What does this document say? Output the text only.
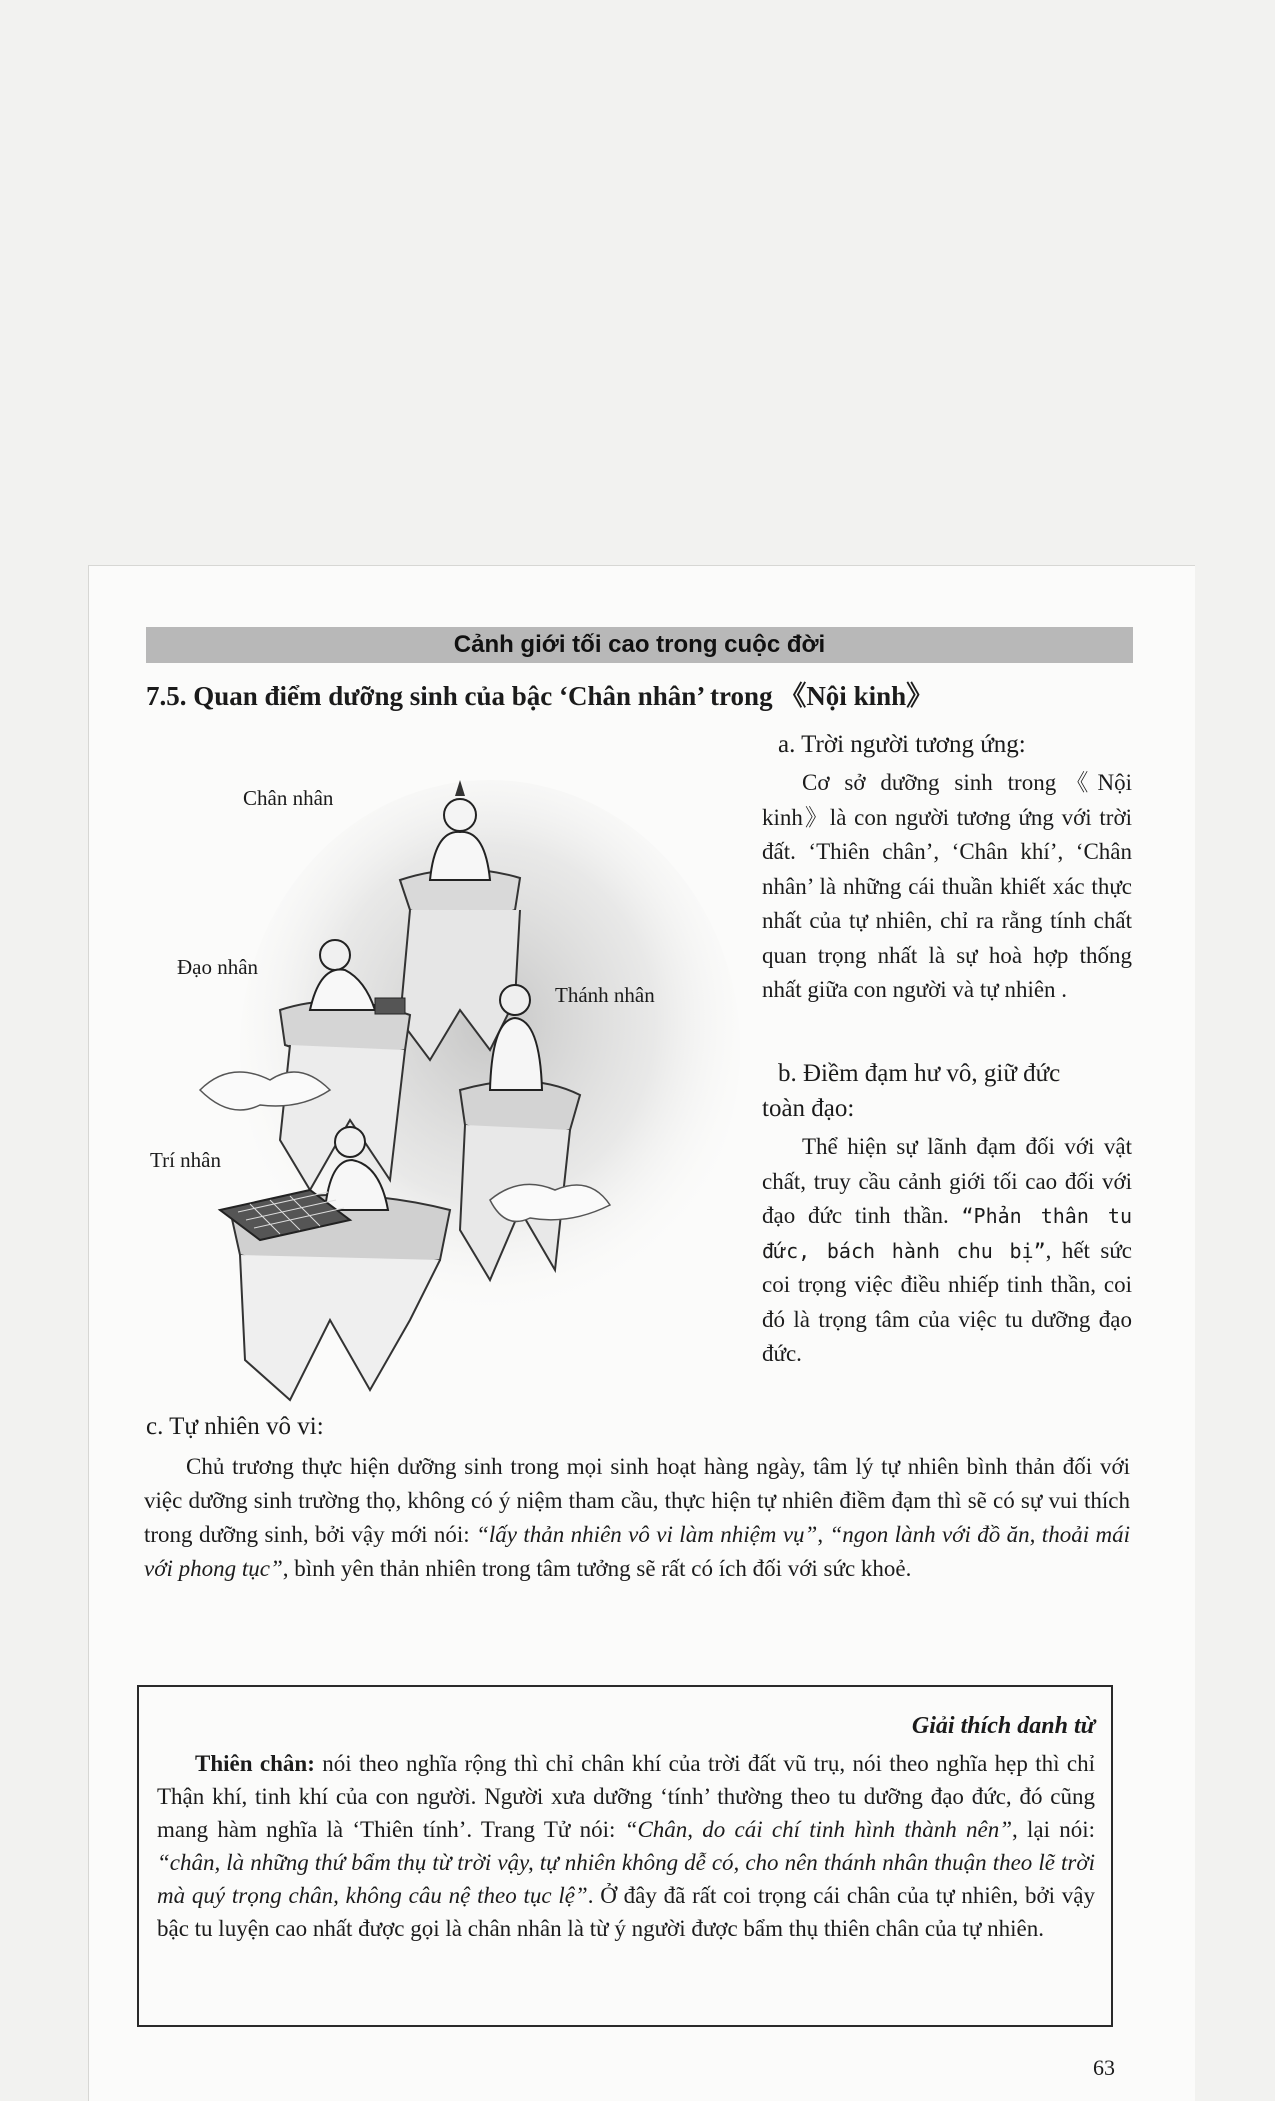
Cảnh giới tối cao trong cuộc đời
7.5. Quan điểm dưỡng sinh của bậc ‘Chân nhân’ trong 《Nội kinh》
Chân nhân
Đạo nhân
Thánh nhân
Trí nhân

a. Trời người tương ứng:

Cơ sở dưỡng sinh trong《Nội kinh》là con người tương ứng với trời đất. ‘Thiên chân’, ‘Chân khí’, ‘Chân nhân’ là những cái thuần khiết xác thực nhất của tự nhiên, chỉ ra rằng tính chất quan trọng nhất là sự hoà hợp thống nhất giữa con người và tự nhiên .

b. Điềm đạm hư vô, giữ đức

toàn đạo:

Thể hiện sự lãnh đạm đối với vật chất, truy cầu cảnh giới tối cao đối với đạo đức tinh thần. “Phản thân tu đức, bách hành chu bị”, hết sức coi trọng việc điều nhiếp tinh thần, coi đó là trọng tâm của việc tu dưỡng đạo đức.

c. Tự nhiên vô vi:

Chủ trương thực hiện dưỡng sinh trong mọi sinh hoạt hàng ngày, tâm lý tự nhiên bình thản đối với việc dưỡng sinh trường thọ, không có ý niệm tham cầu, thực hiện tự nhiên điềm đạm thì sẽ có sự vui thích trong dưỡng sinh, bởi vậy mới nói: “lấy thản nhiên vô vi làm nhiệm vụ”, “ngon lành với đồ ăn, thoải mái với phong tục”, bình yên thản nhiên trong tâm tưởng sẽ rất có ích đối với sức khoẻ.

Giải thích danh từ

Thiên chân: nói theo nghĩa rộng thì chỉ chân khí của trời đất vũ trụ, nói theo nghĩa hẹp thì chỉ Thận khí, tinh khí của con người. Người xưa dưỡng ‘tính’ thường theo tu dưỡng đạo đức, đó cũng mang hàm nghĩa là ‘Thiên tính’. Trang Tử nói: “Chân, do cái chí tinh hình thành nên”, lại nói: “chân, là những thứ bẩm thụ từ trời vậy, tự nhiên không dễ có, cho nên thánh nhân thuận theo lẽ trời mà quý trọng chân, không câu nệ theo tục lệ”. Ở đây đã rất coi trọng cái chân của tự nhiên, bởi vậy bậc tu luyện cao nhất được gọi là chân nhân là từ ý người được bẩm thụ thiên chân của tự nhiên.

63
